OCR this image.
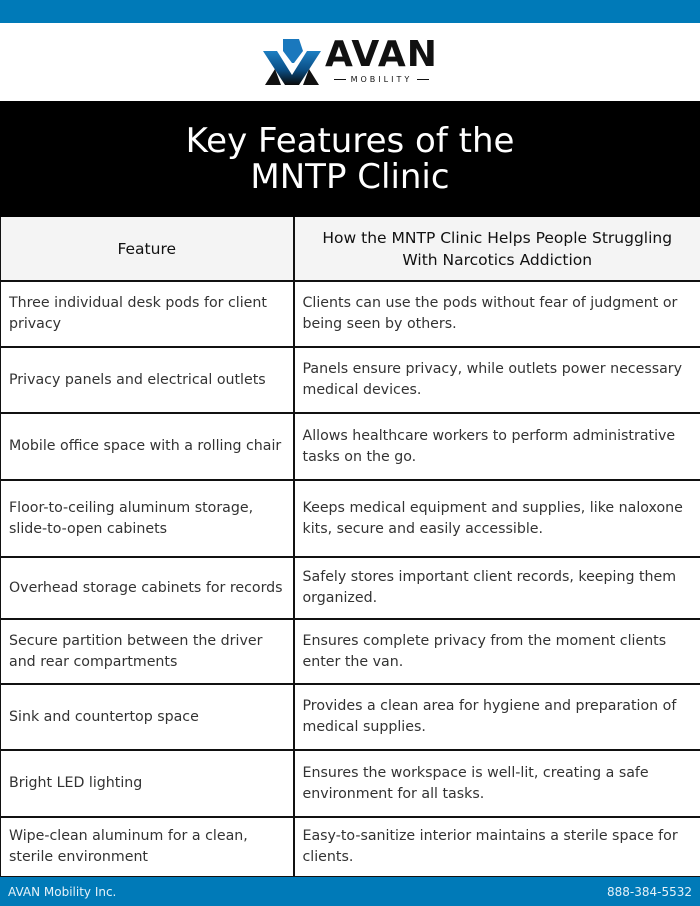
AVAN
MOBILITY
Key Features of the
MNTP Clinic
Feature	How the MNTP Clinic Helps People Struggling With Narcotics Addiction
Three individual desk pods for client privacy	Clients can use the pods without fear of judgment or being seen by others.
Privacy panels and electrical outlets	Panels ensure privacy, while outlets power necessary medical devices.
Mobile office space with a rolling chair	Allows healthcare workers to perform administrative tasks on the go.
Floor-to-ceiling aluminum storage, slide-to-open cabinets	Keeps medical equipment and supplies, like naloxone kits, secure and easily accessible.
Overhead storage cabinets for records	Safely stores important client records, keeping them organized.
Secure partition between the driver and rear compartments	Ensures complete privacy from the moment clients enter the van.
Sink and countertop space	Provides a clean area for hygiene and preparation of medical supplies.
Bright LED lighting	Ensures the workspace is well-lit, creating a safe environment for all tasks.
Wipe-clean aluminum for a clean, sterile environment	Easy-to-sanitize interior maintains a sterile space for clients.
AVAN Mobility Inc.	888-384-5532
